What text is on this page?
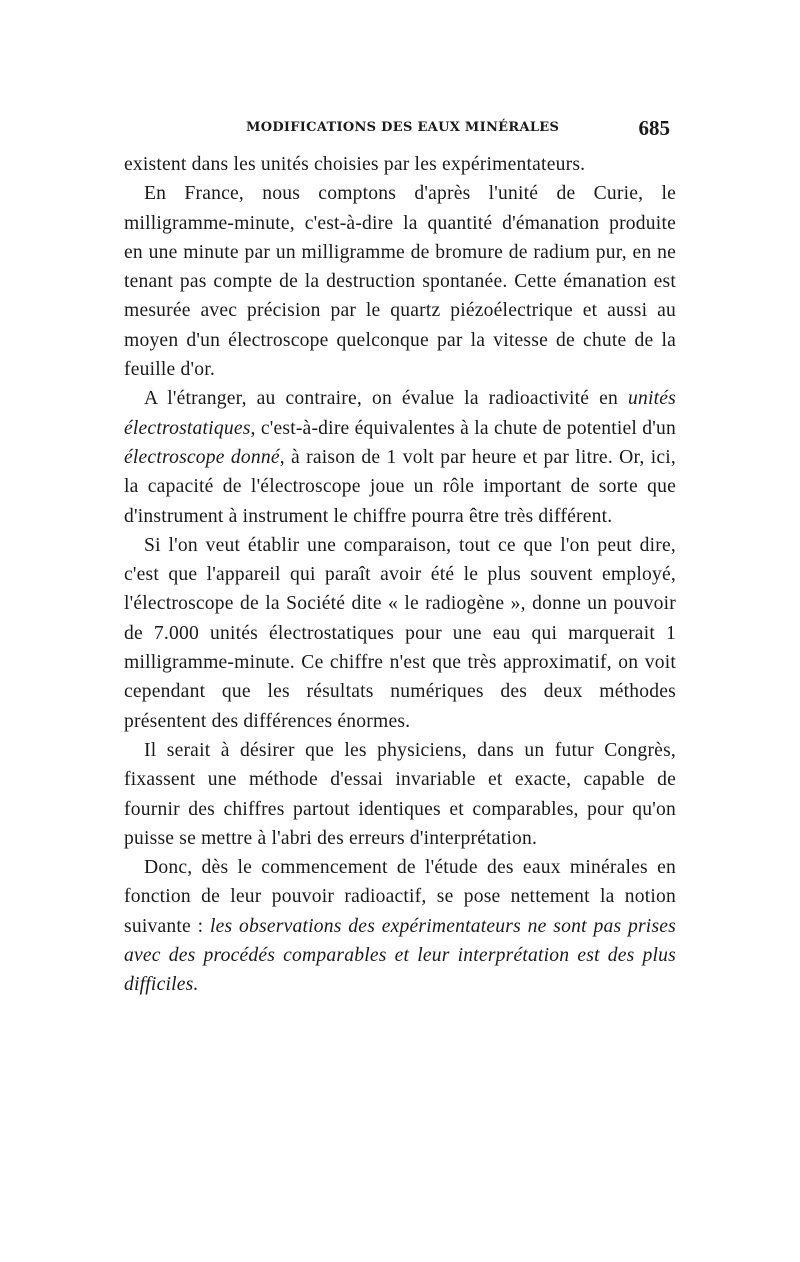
MODIFICATIONS DES EAUX MINÉRALES	685

existent dans les unités choisies par les expérimentateurs.

En France, nous comptons d'après l'unité de Curie, le milligramme-minute, c'est-à-dire la quantité d'émanation produite en une minute par un milligramme de bromure de radium pur, en ne tenant pas compte de la destruction spontanée. Cette émanation est mesurée avec précision par le quartz piézoélectrique et aussi au moyen d'un électroscope quelconque par la vitesse de chute de la feuille d'or.

A l'étranger, au contraire, on évalue la radioactivité en unités électrostatiques, c'est-à-dire équivalentes à la chute de potentiel d'un électroscope donné, à raison de 1 volt par heure et par litre. Or, ici, la capacité de l'électroscope joue un rôle important de sorte que d'instrument à instrument le chiffre pourra être très différent.

Si l'on veut établir une comparaison, tout ce que l'on peut dire, c'est que l'appareil qui paraît avoir été le plus souvent employé, l'électroscope de la Société dite « le radiogène », donne un pouvoir de 7.000 unités électrostatiques pour une eau qui marquerait 1 milligramme-minute. Ce chiffre n'est que très approximatif, on voit cependant que les résultats numériques des deux méthodes présentent des différences énormes.

Il serait à désirer que les physiciens, dans un futur Congrès, fixassent une méthode d'essai invariable et exacte, capable de fournir des chiffres partout identiques et comparables, pour qu'on puisse se mettre à l'abri des erreurs d'interprétation.

Donc, dès le commencement de l'étude des eaux minérales en fonction de leur pouvoir radioactif, se pose nettement la notion suivante : les observations des expérimentateurs ne sont pas prises avec des procédés comparables et leur interprétation est des plus difficiles.
